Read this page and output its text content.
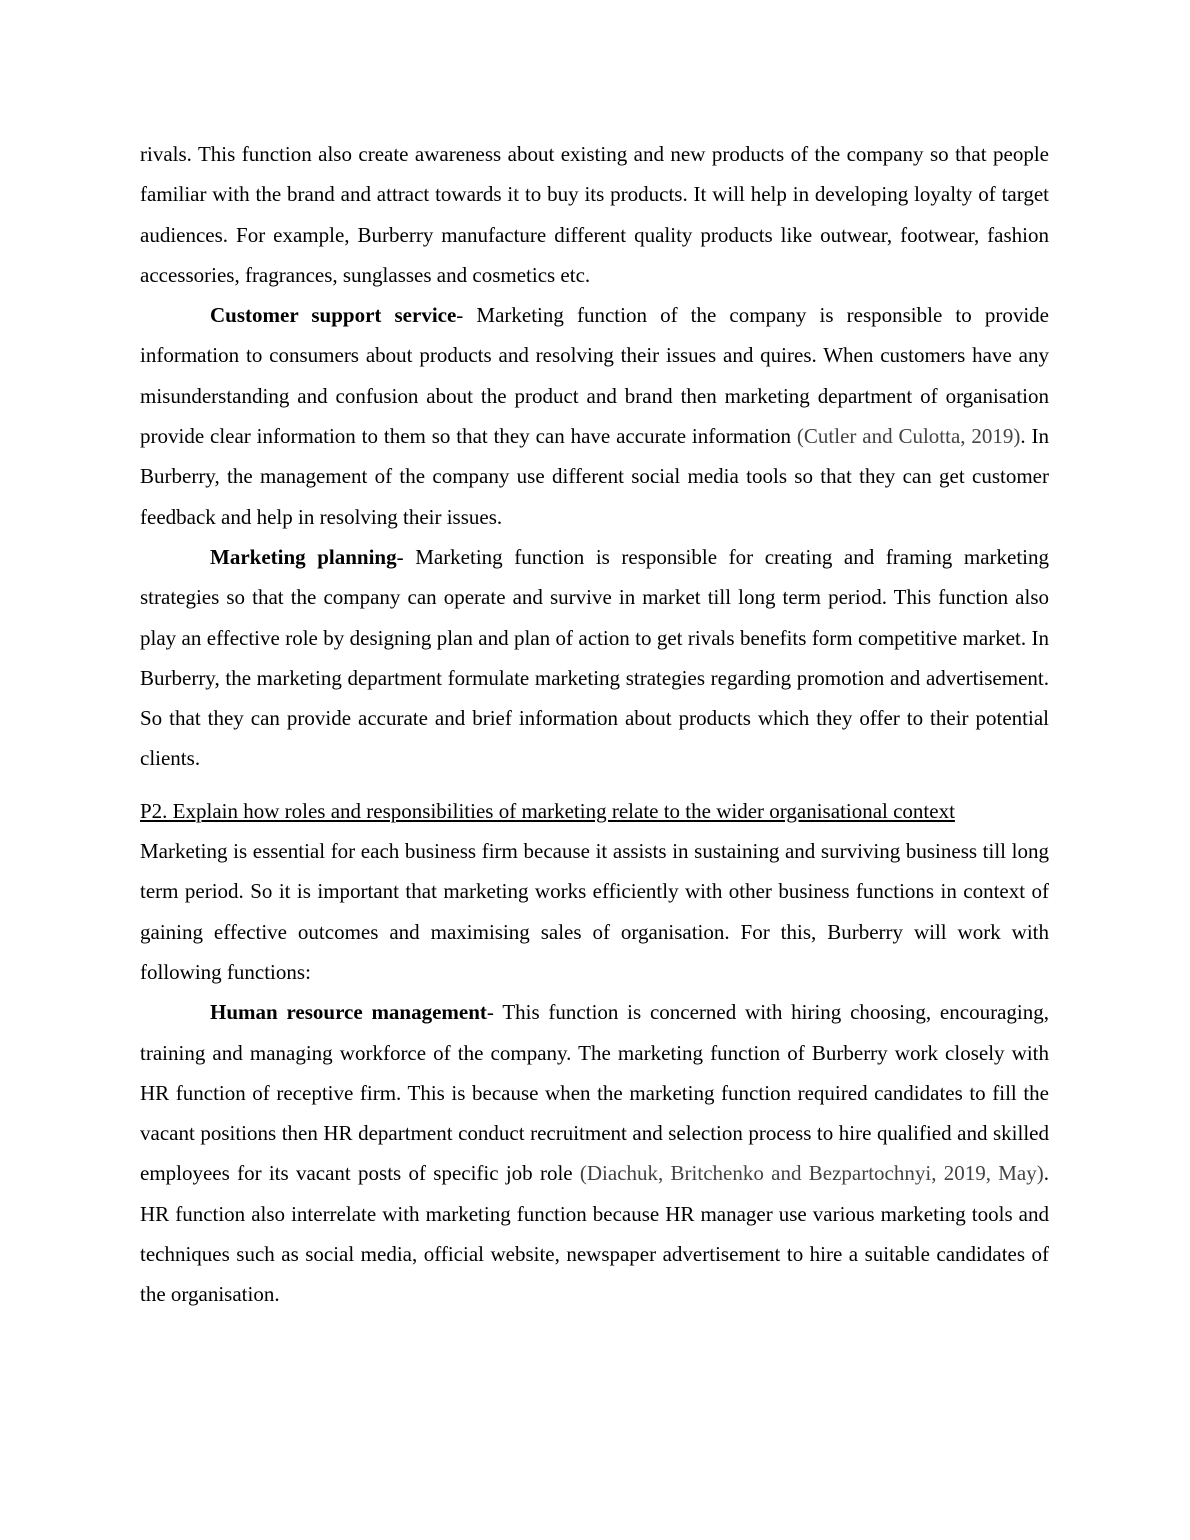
rivals. This function also create awareness about existing and new products of the company so that people familiar with the brand and attract towards it to buy its products. It will help in developing loyalty of target audiences. For example, Burberry manufacture different quality products like outwear, footwear, fashion accessories, fragrances, sunglasses and cosmetics etc.

Customer support service- Marketing function of the company is responsible to provide information to consumers about products and resolving their issues and quires. When customers have any misunderstanding and confusion about the product and brand then marketing department of organisation provide clear information to them so that they can have accurate information (Cutler and Culotta, 2019). In Burberry, the management of the company use different social media tools so that they can get customer feedback and help in resolving their issues.

Marketing planning- Marketing function is responsible for creating and framing marketing strategies so that the company can operate and survive in market till long term period. This function also play an effective role by designing plan and plan of action to get rivals benefits form competitive market. In Burberry, the marketing department formulate marketing strategies regarding promotion and advertisement. So that they can provide accurate and brief information about products which they offer to their potential clients.

P2. Explain how roles and responsibilities of marketing relate to the wider organisational context

Marketing is essential for each business firm because it assists in sustaining and surviving business till long term period. So it is important that marketing works efficiently with other business functions in context of gaining effective outcomes and maximising sales of organisation. For this, Burberry will work with following functions:

Human resource management- This function is concerned with hiring choosing, encouraging, training and managing workforce of the company. The marketing function of Burberry work closely with HR function of receptive firm. This is because when the marketing function required candidates to fill the vacant positions then HR department conduct recruitment and selection process to hire qualified and skilled employees for its vacant posts of specific job role (Diachuk, Britchenko and Bezpartochnyi, 2019, May). HR function also interrelate with marketing function because HR manager use various marketing tools and techniques such as social media, official website, newspaper advertisement to hire a suitable candidates of the organisation.
